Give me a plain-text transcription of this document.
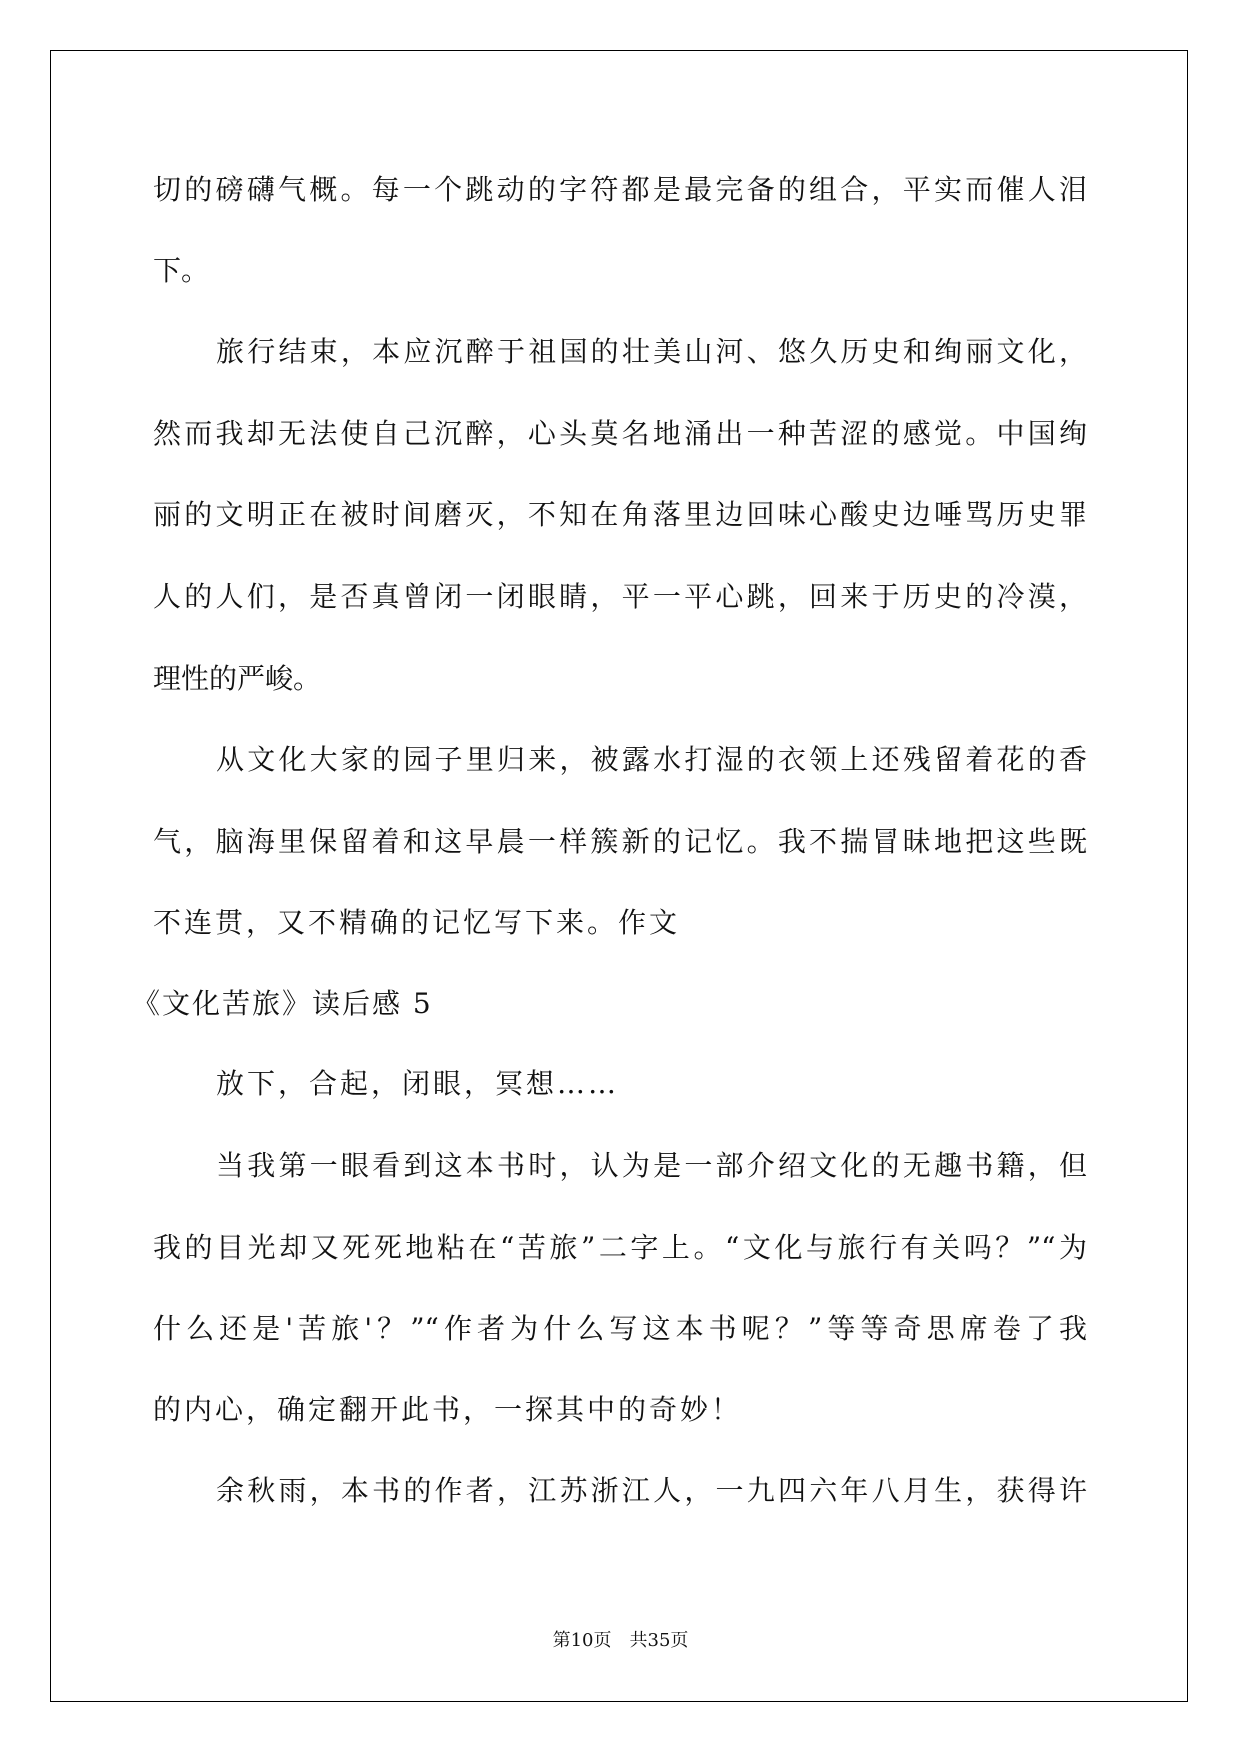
切的磅礴气概。每一个跳动的字符都是最完备的组合，平实而催人泪
下。
旅行结束，本应沉醉于祖国的壮美山河、悠久历史和绚丽文化，
然而我却无法使自己沉醉，心头莫名地涌出一种苦涩的感觉。中国绚
丽的文明正在被时间磨灭，不知在角落里边回味心酸史边唾骂历史罪
人的人们，是否真曾闭一闭眼睛，平一平心跳，回来于历史的冷漠，
理性的严峻。
从文化大家的园子里归来，被露水打湿的衣领上还残留着花的香
气，脑海里保留着和这早晨一样簇新的记忆。我不揣冒昧地把这些既
不连贯，又不精确的记忆写下来。作文
《文化苦旅》读后感 5
放下，合起，闭眼，冥想……
当我第一眼看到这本书时，认为是一部介绍文化的无趣书籍，但
我的目光却又死死地粘在“苦旅”二字上。“文化与旅行有关吗？”“为
什么还是'苦旅'？”“作者为什么写这本书呢？”等等奇思席卷了我
的内心，确定翻开此书，一探其中的奇妙！
余秋雨，本书的作者，江苏浙江人，一九四六年八月生，获得许
第10页　共35页
